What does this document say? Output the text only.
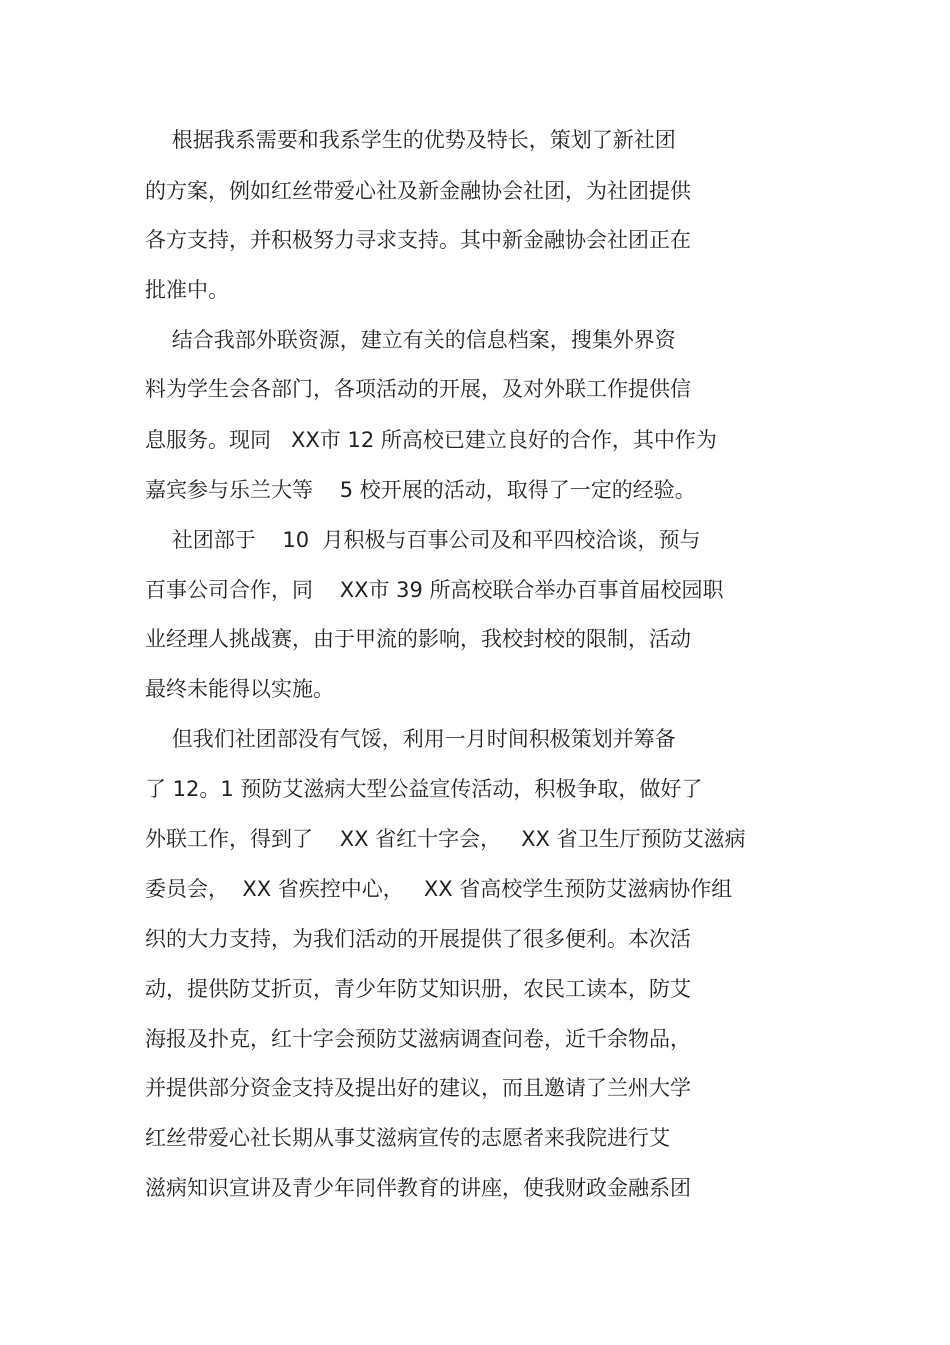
根据我系需要和我系学生的优势及特长，策划了新社团
的方案，例如红丝带爱心社及新金融协会社团，为社团提供
各方支持，并积极努力寻求支持。其中新金融协会社团正在
批准中。
结合我部外联资源，建立有关的信息档案，搜集外界资
料为学生会各部门，各项活动的开展，及对外联工作提供信
息服务。现同   XX市 12 所高校已建立良好的合作，其中作为
嘉宾参与乐兰大等    5 校开展的活动，取得了一定的经验。
社团部于    10  月积极与百事公司及和平四校洽谈，预与
百事公司合作，同    XX市 39 所高校联合举办百事首届校园职
业经理人挑战赛，由于甲流的影响，我校封校的限制，活动
最终未能得以实施。
但我们社团部没有气馁，利用一月时间积极策划并筹备
了 12。1 预防艾滋病大型公益宣传活动，积极争取，做好了
外联工作，得到了    XX 省红十字会，   XX 省卫生厅预防艾滋病
委员会，  XX 省疾控中心，   XX 省高校学生预防艾滋病协作组
织的大力支持，为我们活动的开展提供了很多便利。本次活
动，提供防艾折页，青少年防艾知识册，农民工读本，防艾
海报及扑克，红十字会预防艾滋病调查问卷，近千余物品，
并提供部分资金支持及提出好的建议，而且邀请了兰州大学
红丝带爱心社长期从事艾滋病宣传的志愿者来我院进行艾
滋病知识宣讲及青少年同伴教育的讲座，使我财政金融系团
